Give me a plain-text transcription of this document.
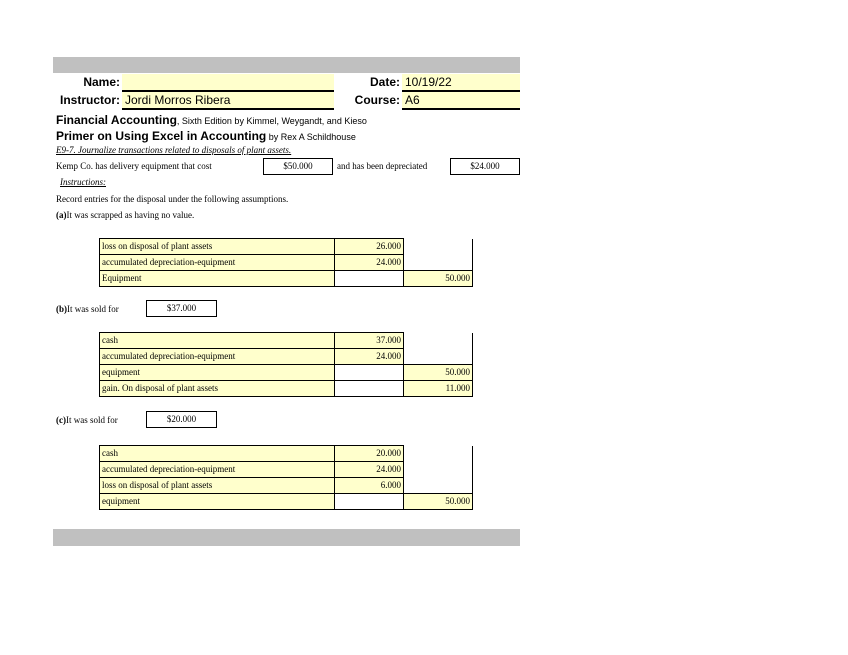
Name:	Date: 10/19/22
Instructor: Jordi Morros Ribera	Course: A6
Financial Accounting, Sixth Edition by Kimmel, Weygandt, and Kieso
Primer on Using Excel in Accounting by Rex A Schildhouse
E9-7. Journalize transactions related to disposals of plant assets.
Kemp Co. has delivery equipment that cost	$50.000	and has been depreciated	$24.000
Instructions:
Record entries for the disposal under the following assumptions.
(a)It was scrapped as having no value.
loss on disposal of plant assets	26.000	
accumulated depreciation-equipment	24.000	
Equipment		50.000
(b)It was sold for	$37.000
cash	37.000	
accumulated depreciation-equipment	24.000	
equipment		50.000
gain. On disposal of plant assets		11.000
(c)It was sold for	$20.000
cash	20.000	
accumulated depreciation-equipment	24.000	
loss on disposal of plant assets	6.000	
equipment		50.000
